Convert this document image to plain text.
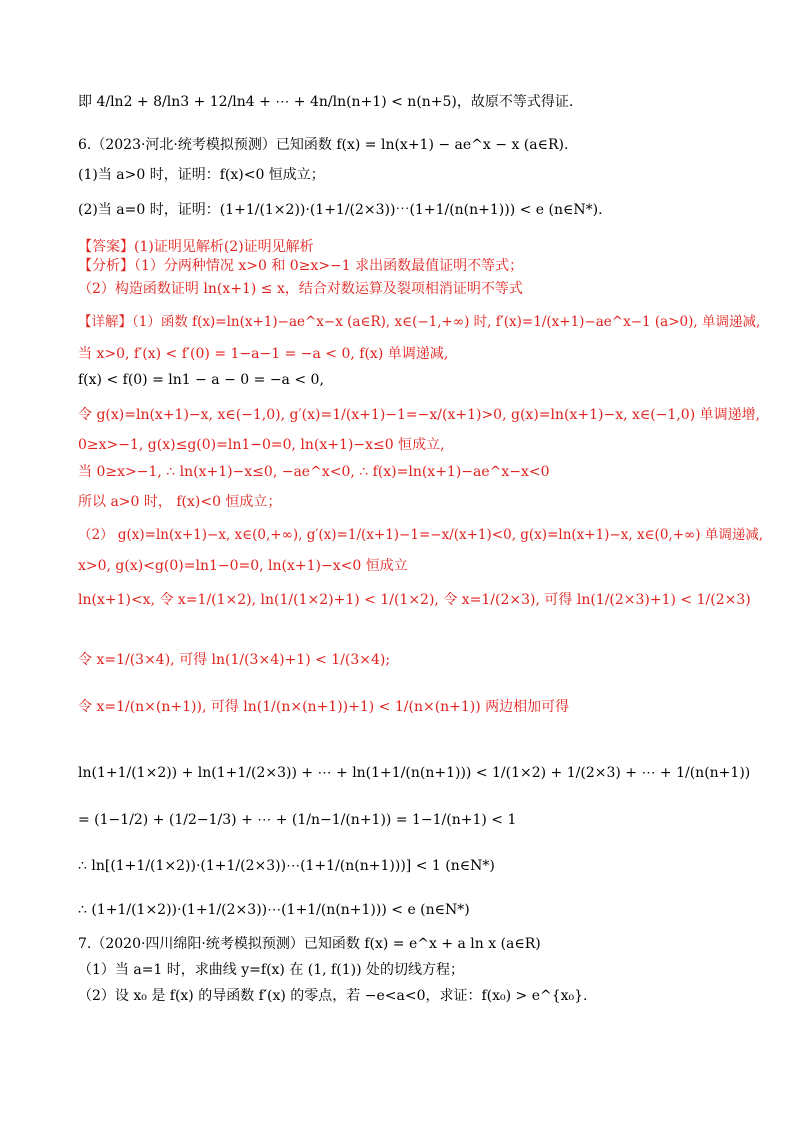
即 4/ln2 + 8/ln3 + 12/ln4 + ⋯ + 4n/ln(n+1) < n(n+5)，故原不等式得证.
6.（2023·河北·统考模拟预测）已知函数 f(x) = ln(x+1) − ae^x − x (a∈R).
(1)当 a>0 时，证明：f(x)<0 恒成立；
(2)当 a=0 时，证明：(1+1/(1×2))·(1+1/(2×3))⋯(1+1/(n(n+1))) < e (n∈N*).
【答案】(1)证明见解析(2)证明见解析
【分析】（1）分两种情况 x>0 和 0≥x>−1 求出函数最值证明不等式；
（2）构造函数证明 ln(x+1) ≤ x，结合对数运算及裂项相消证明不等式
【详解】（1）函数 f(x)=ln(x+1)−ae^x−x (a∈R), x∈(−1,+∞) 时, f′(x)=1/(x+1)−ae^x−1 (a>0), 单调递减,
当 x>0, f′(x) < f′(0) = 1−a−1 = −a < 0, f(x) 单调递减,
f(x) < f(0) = ln1 − a − 0 = −a < 0,
令 g(x)=ln(x+1)−x, x∈(−1,0), g′(x)=1/(x+1)−1=−x/(x+1)>0, g(x)=ln(x+1)−x, x∈(−1,0) 单调递增,
0≥x>−1, g(x)≤g(0)=ln1−0=0, ln(x+1)−x≤0 恒成立,
当 0≥x>−1, ∴ ln(x+1)−x≤0, −ae^x<0, ∴ f(x)=ln(x+1)−ae^x−x<0
所以 a>0 时， f(x)<0 恒成立；
（2） g(x)=ln(x+1)−x, x∈(0,+∞), g′(x)=1/(x+1)−1=−x/(x+1)<0, g(x)=ln(x+1)−x, x∈(0,+∞) 单调递减,
x>0, g(x)<g(0)=ln1−0=0, ln(x+1)−x<0 恒成立
ln(x+1)<x, 令 x=1/(1×2), ln(1/(1×2)+1) < 1/(1×2), 令 x=1/(2×3), 可得 ln(1/(2×3)+1) < 1/(2×3)
令 x=1/(3×4), 可得 ln(1/(3×4)+1) < 1/(3×4);
令 x=1/(n×(n+1)), 可得 ln(1/(n×(n+1))+1) < 1/(n×(n+1)) 两边相加可得
ln(1+1/(1×2)) + ln(1+1/(2×3)) + ⋯ + ln(1+1/(n(n+1))) < 1/(1×2) + 1/(2×3) + ⋯ + 1/(n(n+1))
= (1−1/2) + (1/2−1/3) + ⋯ + (1/n−1/(n+1)) = 1−1/(n+1) < 1
∴ ln[(1+1/(1×2))·(1+1/(2×3))⋯(1+1/(n(n+1)))] < 1 (n∈N*)
∴ (1+1/(1×2))·(1+1/(2×3))⋯(1+1/(n(n+1))) < e (n∈N*)
7.（2020·四川绵阳·统考模拟预测）已知函数 f(x) = e^x + a ln x (a∈R)
（1）当 a=1 时，求曲线 y=f(x) 在 (1, f(1)) 处的切线方程；
（2）设 x₀ 是 f(x) 的导函数 f′(x) 的零点，若 −e<a<0，求证：f(x₀) > e^{x₀}.
